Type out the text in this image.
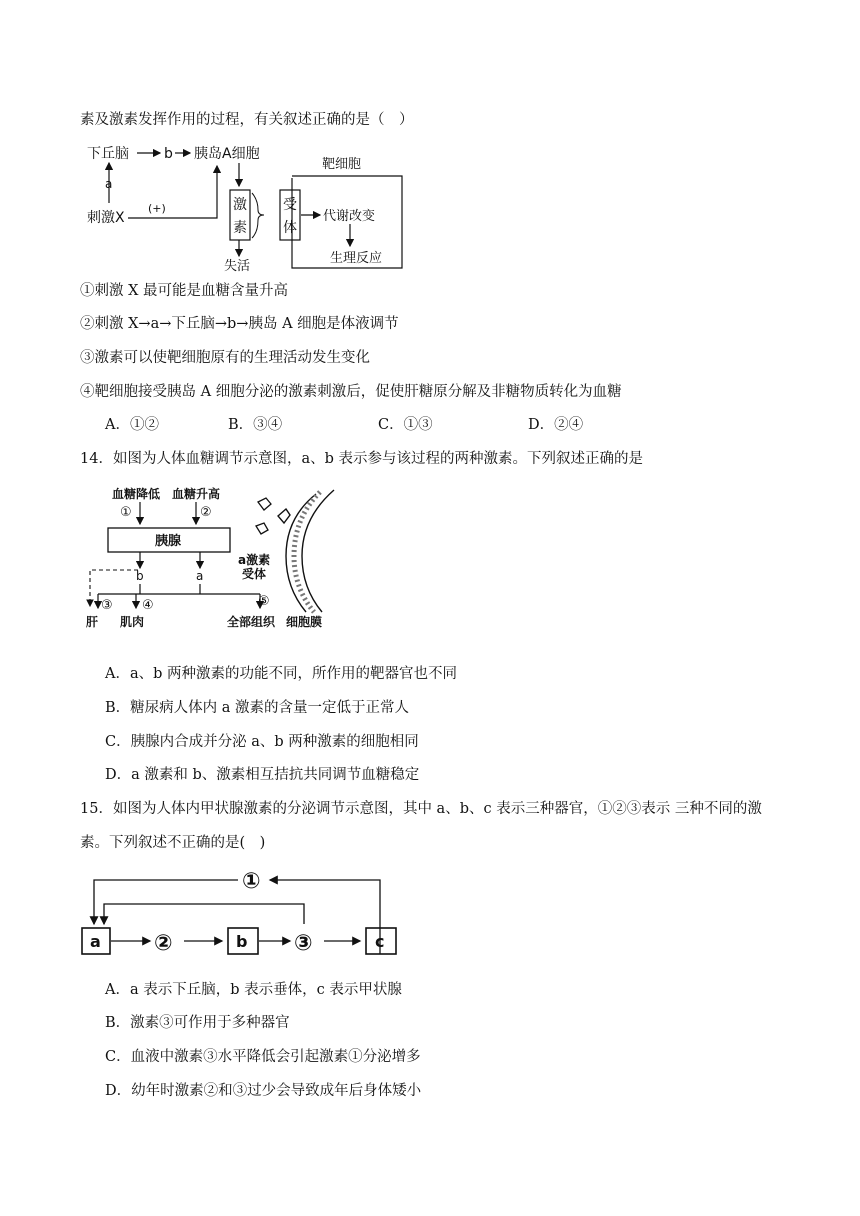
素及激素发挥作用的过程，有关叙述正确的是（　）
下丘脑	b 胰岛A细胞
a
刺激X
(+)	激
素
失活
靶细胞
受
体
代谢改变
生理反应
①刺激 X 最可能是血糖含量升高
②刺激 X→a→下丘脑→b→胰岛 A 细胞是体液调节
③激素可以使靶细胞原有的生理活动发生变化
④靶细胞接受胰岛 A 细胞分泌的激素刺激后，促使肝糖原分解及非糖物质转化为血糖
A．①②	B．③④	C．①③	D．②④
14．如图为人体血糖调节示意图，a、b 表示参与该过程的两种激素。下列叙述正确的是
血糖降低 血糖升高
①	②
胰腺
b	a
③ ④	⑤
肝 肌肉	全部组织 细胞膜
a激素
受体
A．a、b 两种激素的功能不同，所作用的靶器官也不同
B．糖尿病人体内 a 激素的含量一定低于正常人
C．胰腺内合成并分泌 a、b 两种激素的细胞相同
D．a 激素和 b、激素相互拮抗共同调节血糖稳定
15．如图为人体内甲状腺激素的分泌调节示意图，其中 a、b、c 表示三种器官，①②③表示 三种不同的激
素。下列叙述不正确的是(　)
①
a ②	b ③	c
A．a 表示下丘脑，b 表示垂体，c 表示甲状腺
B．激素③可作用于多种器官
C．血液中激素③水平降低会引起激素①分泌增多
D．幼年时激素②和③过少会导致成年后身体矮小
